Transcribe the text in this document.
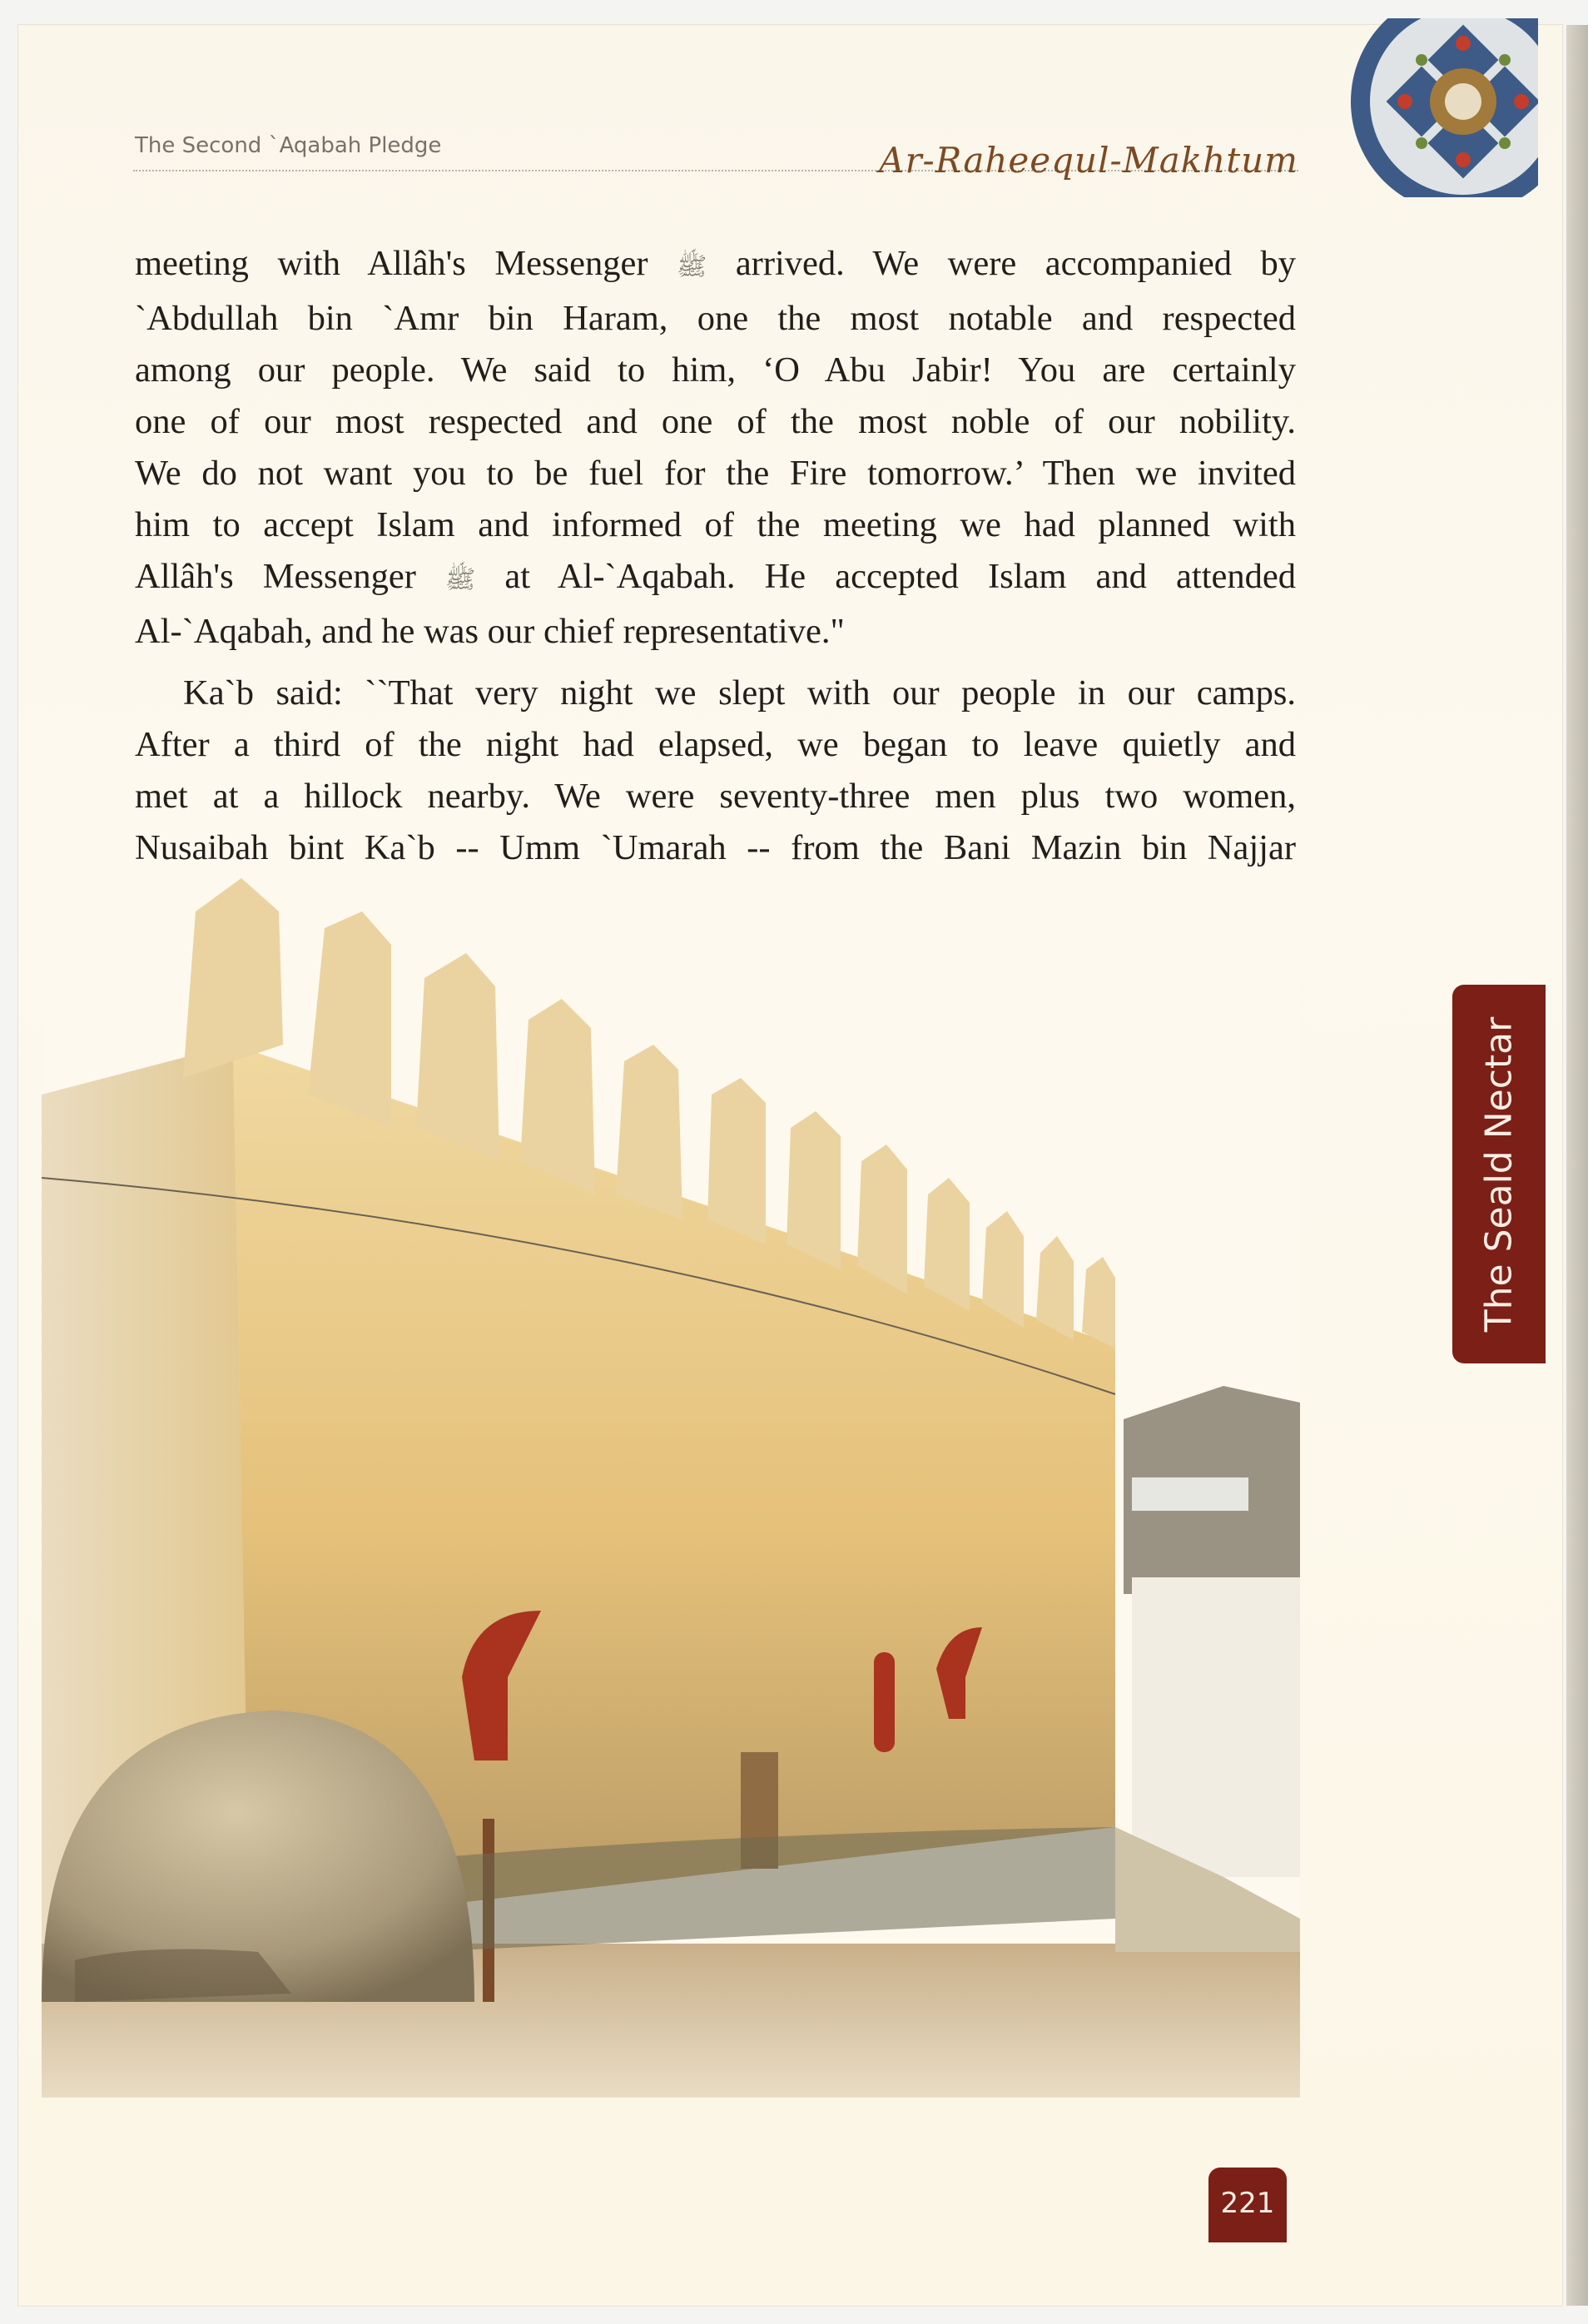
The Second `Aqabah Pledge	Ar-Raheequl-Makhtum

meeting with Allâh's Messenger ﷺ arrived. We were accompanied by

`Abdullah bin `Amr bin Haram, one the most notable and respected

among our people. We said to him, ‘O Abu Jabir! You are certainly

one of our most respected and one of the most noble of our nobility.

We do not want you to be fuel for the Fire tomorrow.’ Then we invited

him to accept Islam and informed of the meeting we had planned with

Allâh's Messenger ﷺ at Al-`Aqabah. He accepted Islam and attended

Al-`Aqabah, and he was our chief representative."

Ka`b said: ``That very night we slept with our people in our camps.

After a third of the night had elapsed, we began to leave quietly and

met at a hillock nearby. We were seventy-three men plus two women,

Nusaibah bint Ka`b -- Umm `Umarah -- from the Bani Mazin bin Najjar

The Seald Nectar
221
